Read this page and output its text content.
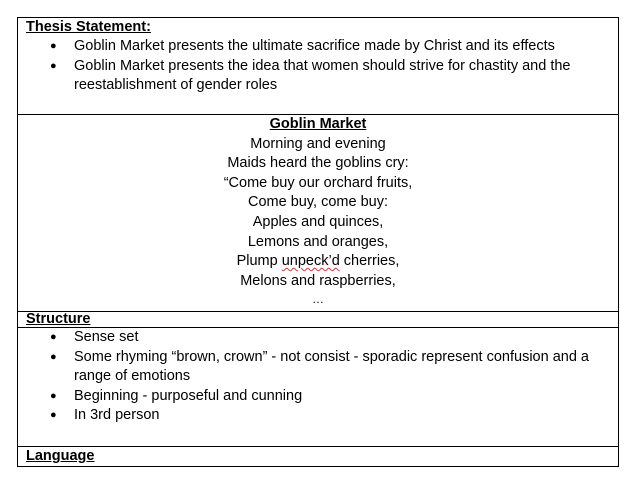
Thesis Statement:
● Goblin Market presents the ultimate sacrifice made by Christ and its effects
● Goblin Market presents the idea that women should strive for chastity and the reestablishment of gender roles

Goblin Market
Morning and evening
Maids heard the goblins cry:
“Come buy our orchard fruits,
Come buy, come buy:
Apples and quinces,
Lemons and oranges,
Plump unpeck’d cherries,
Melons and raspberries,
…

Structure

● Sense set
● Some rhyming “brown, crown” - not consist - sporadic represent confusion and a range of emotions
● Beginning - purposeful and cunning
● In 3rd person

Language
